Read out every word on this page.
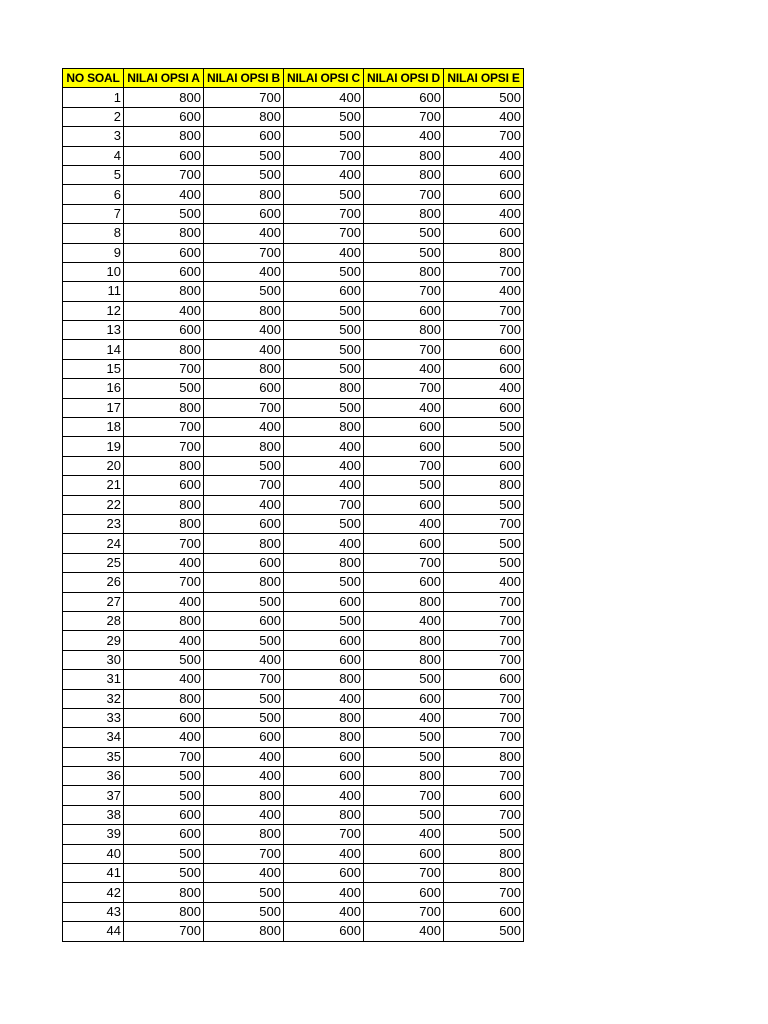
NO SOAL	NILAI OPSI A	NILAI OPSI B	NILAI OPSI C	NILAI OPSI D	NILAI OPSI E
1	800	700	400	600	500
2	600	800	500	700	400
3	800	600	500	400	700
4	600	500	700	800	400
5	700	500	400	800	600
6	400	800	500	700	600
7	500	600	700	800	400
8	800	400	700	500	600
9	600	700	400	500	800
10	600	400	500	800	700
11	800	500	600	700	400
12	400	800	500	600	700
13	600	400	500	800	700
14	800	400	500	700	600
15	700	800	500	400	600
16	500	600	800	700	400
17	800	700	500	400	600
18	700	400	800	600	500
19	700	800	400	600	500
20	800	500	400	700	600
21	600	700	400	500	800
22	800	400	700	600	500
23	800	600	500	400	700
24	700	800	400	600	500
25	400	600	800	700	500
26	700	800	500	600	400
27	400	500	600	800	700
28	800	600	500	400	700
29	400	500	600	800	700
30	500	400	600	800	700
31	400	700	800	500	600
32	800	500	400	600	700
33	600	500	800	400	700
34	400	600	800	500	700
35	700	400	600	500	800
36	500	400	600	800	700
37	500	800	400	700	600
38	600	400	800	500	700
39	600	800	700	400	500
40	500	700	400	600	800
41	500	400	600	700	800
42	800	500	400	600	700
43	800	500	400	700	600
44	700	800	600	400	500
